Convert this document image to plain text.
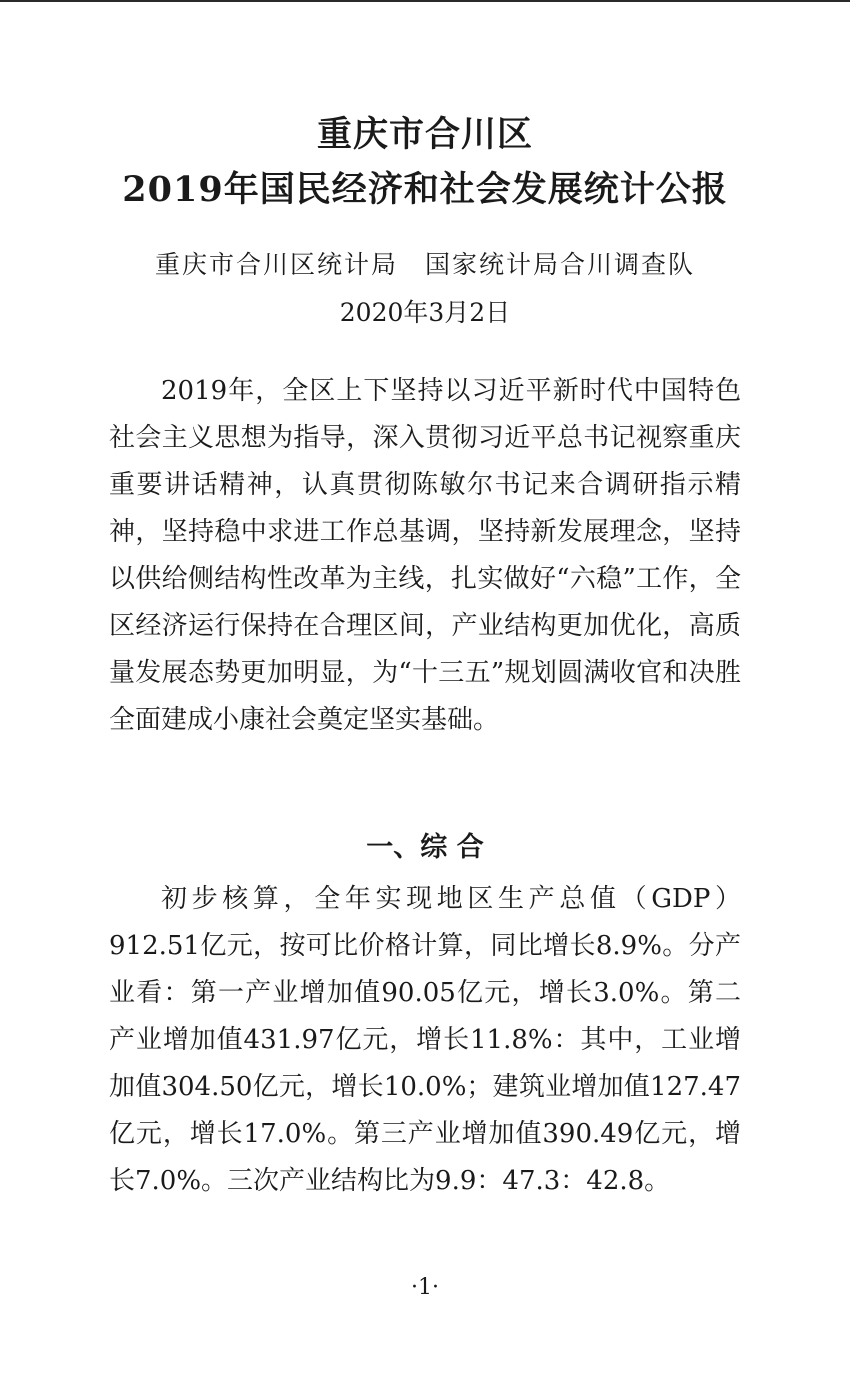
重庆市合川区
2019年国民经济和社会发展统计公报
重庆市合川区统计局　国家统计局合川调查队
2020年3月2日

2019年，全区上下坚持以习近平新时代中国特色社会主义思想为指导，深入贯彻习近平总书记视察重庆重要讲话精神，认真贯彻陈敏尔书记来合调研指示精神，坚持稳中求进工作总基调，坚持新发展理念，坚持以供给侧结构性改革为主线，扎实做好“六稳”工作，全区经济运行保持在合理区间，产业结构更加优化，高质量发展态势更加明显，为“十三五”规划圆满收官和决胜全面建成小康社会奠定坚实基础。

一、综 合

初步核算，全年实现地区生产总值（GDP）912.51亿元，按可比价格计算，同比增长8.9%。分产业看：第一产业增加值90.05亿元，增长3.0%。第二产业增加值431.97亿元，增长11.8%：其中，工业增加值304.50亿元，增长10.0%；建筑业增加值127.47亿元，增长17.0%。第三产业增加值390.49亿元，增长7.0%。三次产业结构比为9.9：47.3：42.8。

·1·
